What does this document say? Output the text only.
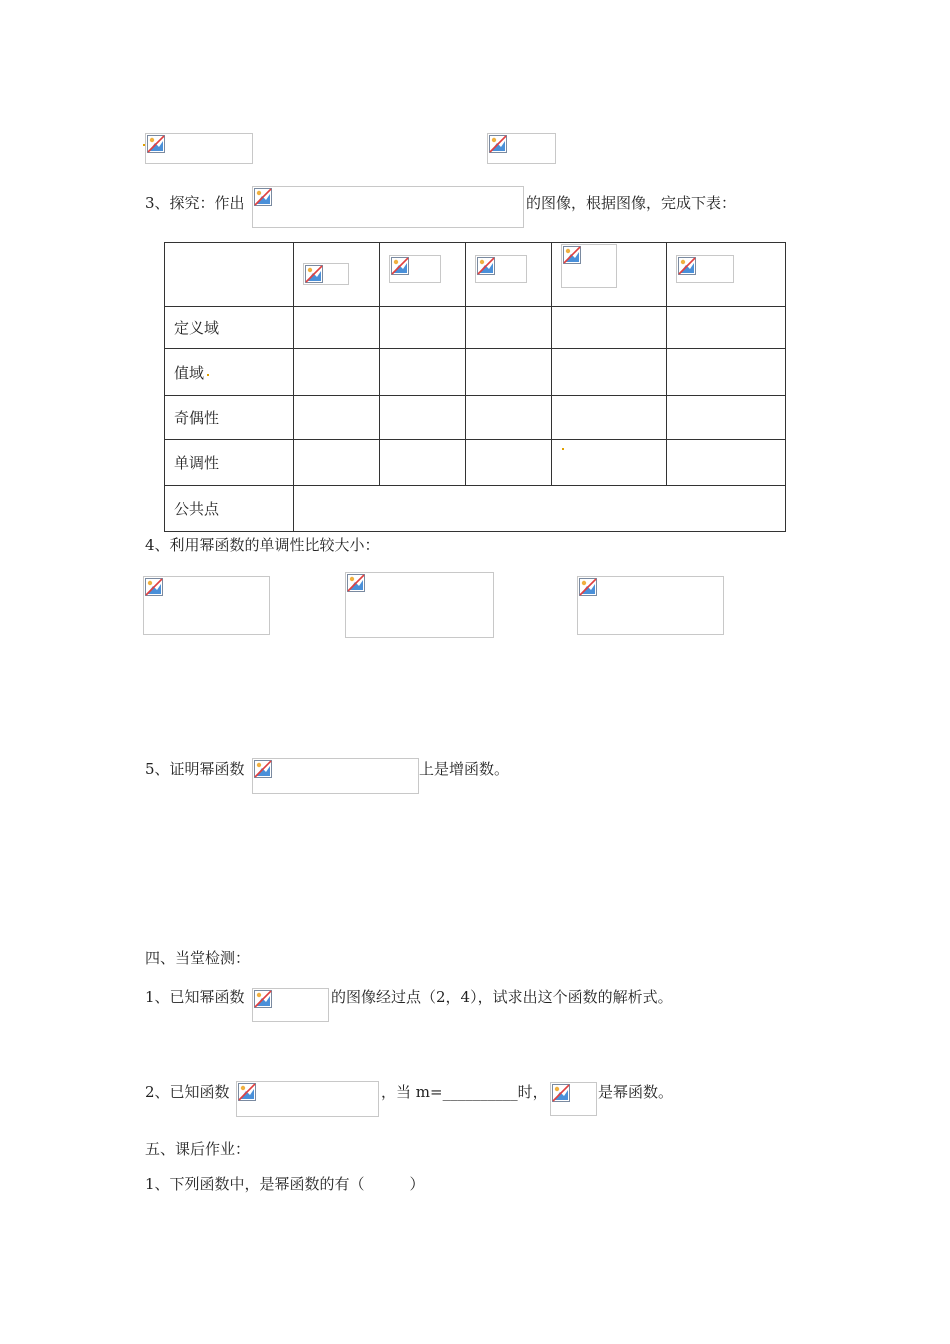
3、探究：作出	的图像，根据图像，完成下表：

定义域					
值域					
奇偶性					
单调性					
公共点					
4、利用幂函数的单调性比较大小：
5、证明幂函数	上是增函数。
四、当堂检测：
1、已知幂函数	的图像经过点（2，4），试求出这个函数的解析式。
2、已知函数	，当 m=__________时，	是幂函数。
五、课后作业：
1、下列函数中，是幂函数的有（　　　）
